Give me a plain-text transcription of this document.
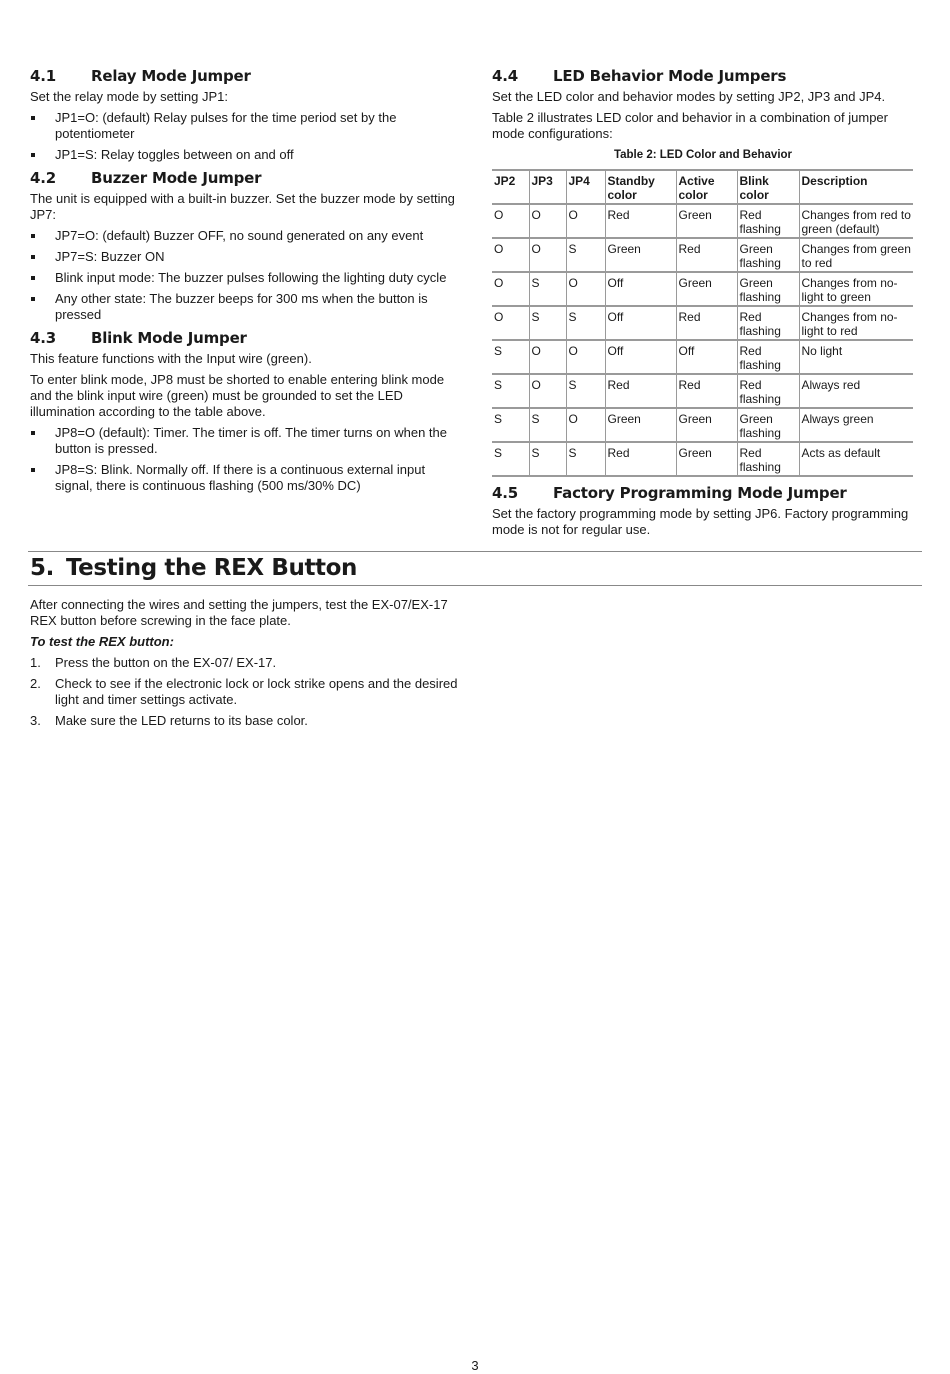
4.1	Relay Mode Jumper

Set the relay mode by setting JP1:

JP1=O: (default) Relay pulses for the time period set by the potentiometer
JP1=S: Relay toggles between on and off
4.2	Buzzer Mode Jumper

The unit is equipped with a built-in buzzer. Set the buzzer mode by setting JP7:

JP7=O: (default) Buzzer OFF, no sound generated on any event
JP7=S: Buzzer ON
Blink input mode: The buzzer pulses following the lighting duty cycle
Any other state: The buzzer beeps for 300 ms when the button is pressed
4.3	Blink Mode Jumper

This feature functions with the Input wire (green).

To enter blink mode, JP8 must be shorted to enable entering blink mode and the blink input wire (green) must be grounded to set the LED illumination according to the table above.

JP8=O (default): Timer. The timer is off. The timer turns on when the button is pressed.
JP8=S: Blink. Normally off. If there is a continuous external input signal, there is continuous flashing (500 ms/30% DC)
4.4	LED Behavior Mode Jumpers

Set the LED color and behavior modes by setting JP2, JP3 and JP4.

Table 2 illustrates LED color and behavior in a combination of jumper mode configurations:

Table 2: LED Color and Behavior
JP2	JP3	JP4	Standby color	Active color	Blink color	Description
O	O	O	Red	Green	Red flashing	Changes from red to green (default)
O	O	S	Green	Red	Green flashing	Changes from green to red
O	S	O	Off	Green	Green flashing	Changes from no-light to green
O	S	S	Off	Red	Red flashing	Changes from no-light to red
S	O	O	Off	Off	Red flashing	No light
S	O	S	Red	Red	Red flashing	Always red
S	S	O	Green	Green	Green flashing	Always green
S	S	S	Red	Green	Red flashing	Acts as default
4.5	Factory Programming Mode Jumper

Set the factory programming mode by setting JP6. Factory programming mode is not for regular use.

5. Testing the REX Button

After connecting the wires and setting the jumpers, test the EX-07/EX-17 REX button before screwing in the face plate.

To test the REX button:

1. Press the button on the EX-07/ EX-17.
2. Check to see if the electronic lock or lock strike opens and the desired light and timer settings activate.
3. Make sure the LED returns to its base color.
3
